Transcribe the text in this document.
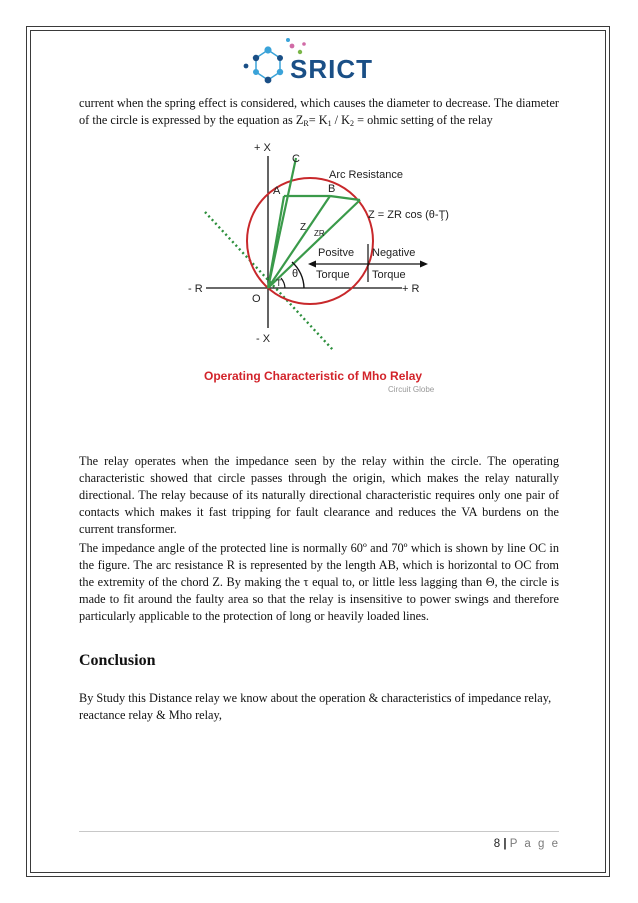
SRICT

current when the spring effect is considered, which causes the diameter to decrease. The diameter of the circle is expressed by the equation as $Z_R= K_1 / K_2$ = ohmic setting of the relay

+ X
- X
+ R
- R
O
A	B
C
Arc Resistance
Z
ZR
Z = ZR cos (θ-Ţ)
θ
T
Positve
Torque
Negative
Torque
Operating Characteristic of Mho Relay
Circuit Globe

The relay operates when the impedance seen by the relay within the circle. The operating characteristic showed that circle passes through the origin, which makes the relay naturally directional. The relay because of its naturally directional characteristic requires only one pair of contacts which makes it fast tripping for fault clearance and reduces the VA burdens on the current transformer.

The impedance angle of the protected line is normally 60º and 70º which is shown by line OC in the figure. The arc resistance R is represented by the length AB, which is horizontal to OC from the extremity of the chord Z. By making the τ equal to, or little less lagging than Θ, the circle is made to fit around the faulty area so that the relay is insensitive to power swings and therefore particularly applicable to the protection of long or heavily loaded lines.

Conclusion

By Study this Distance relay we know about the operation & characteristics of impedance relay, reactance relay & Mho relay,

8 | P a g e
